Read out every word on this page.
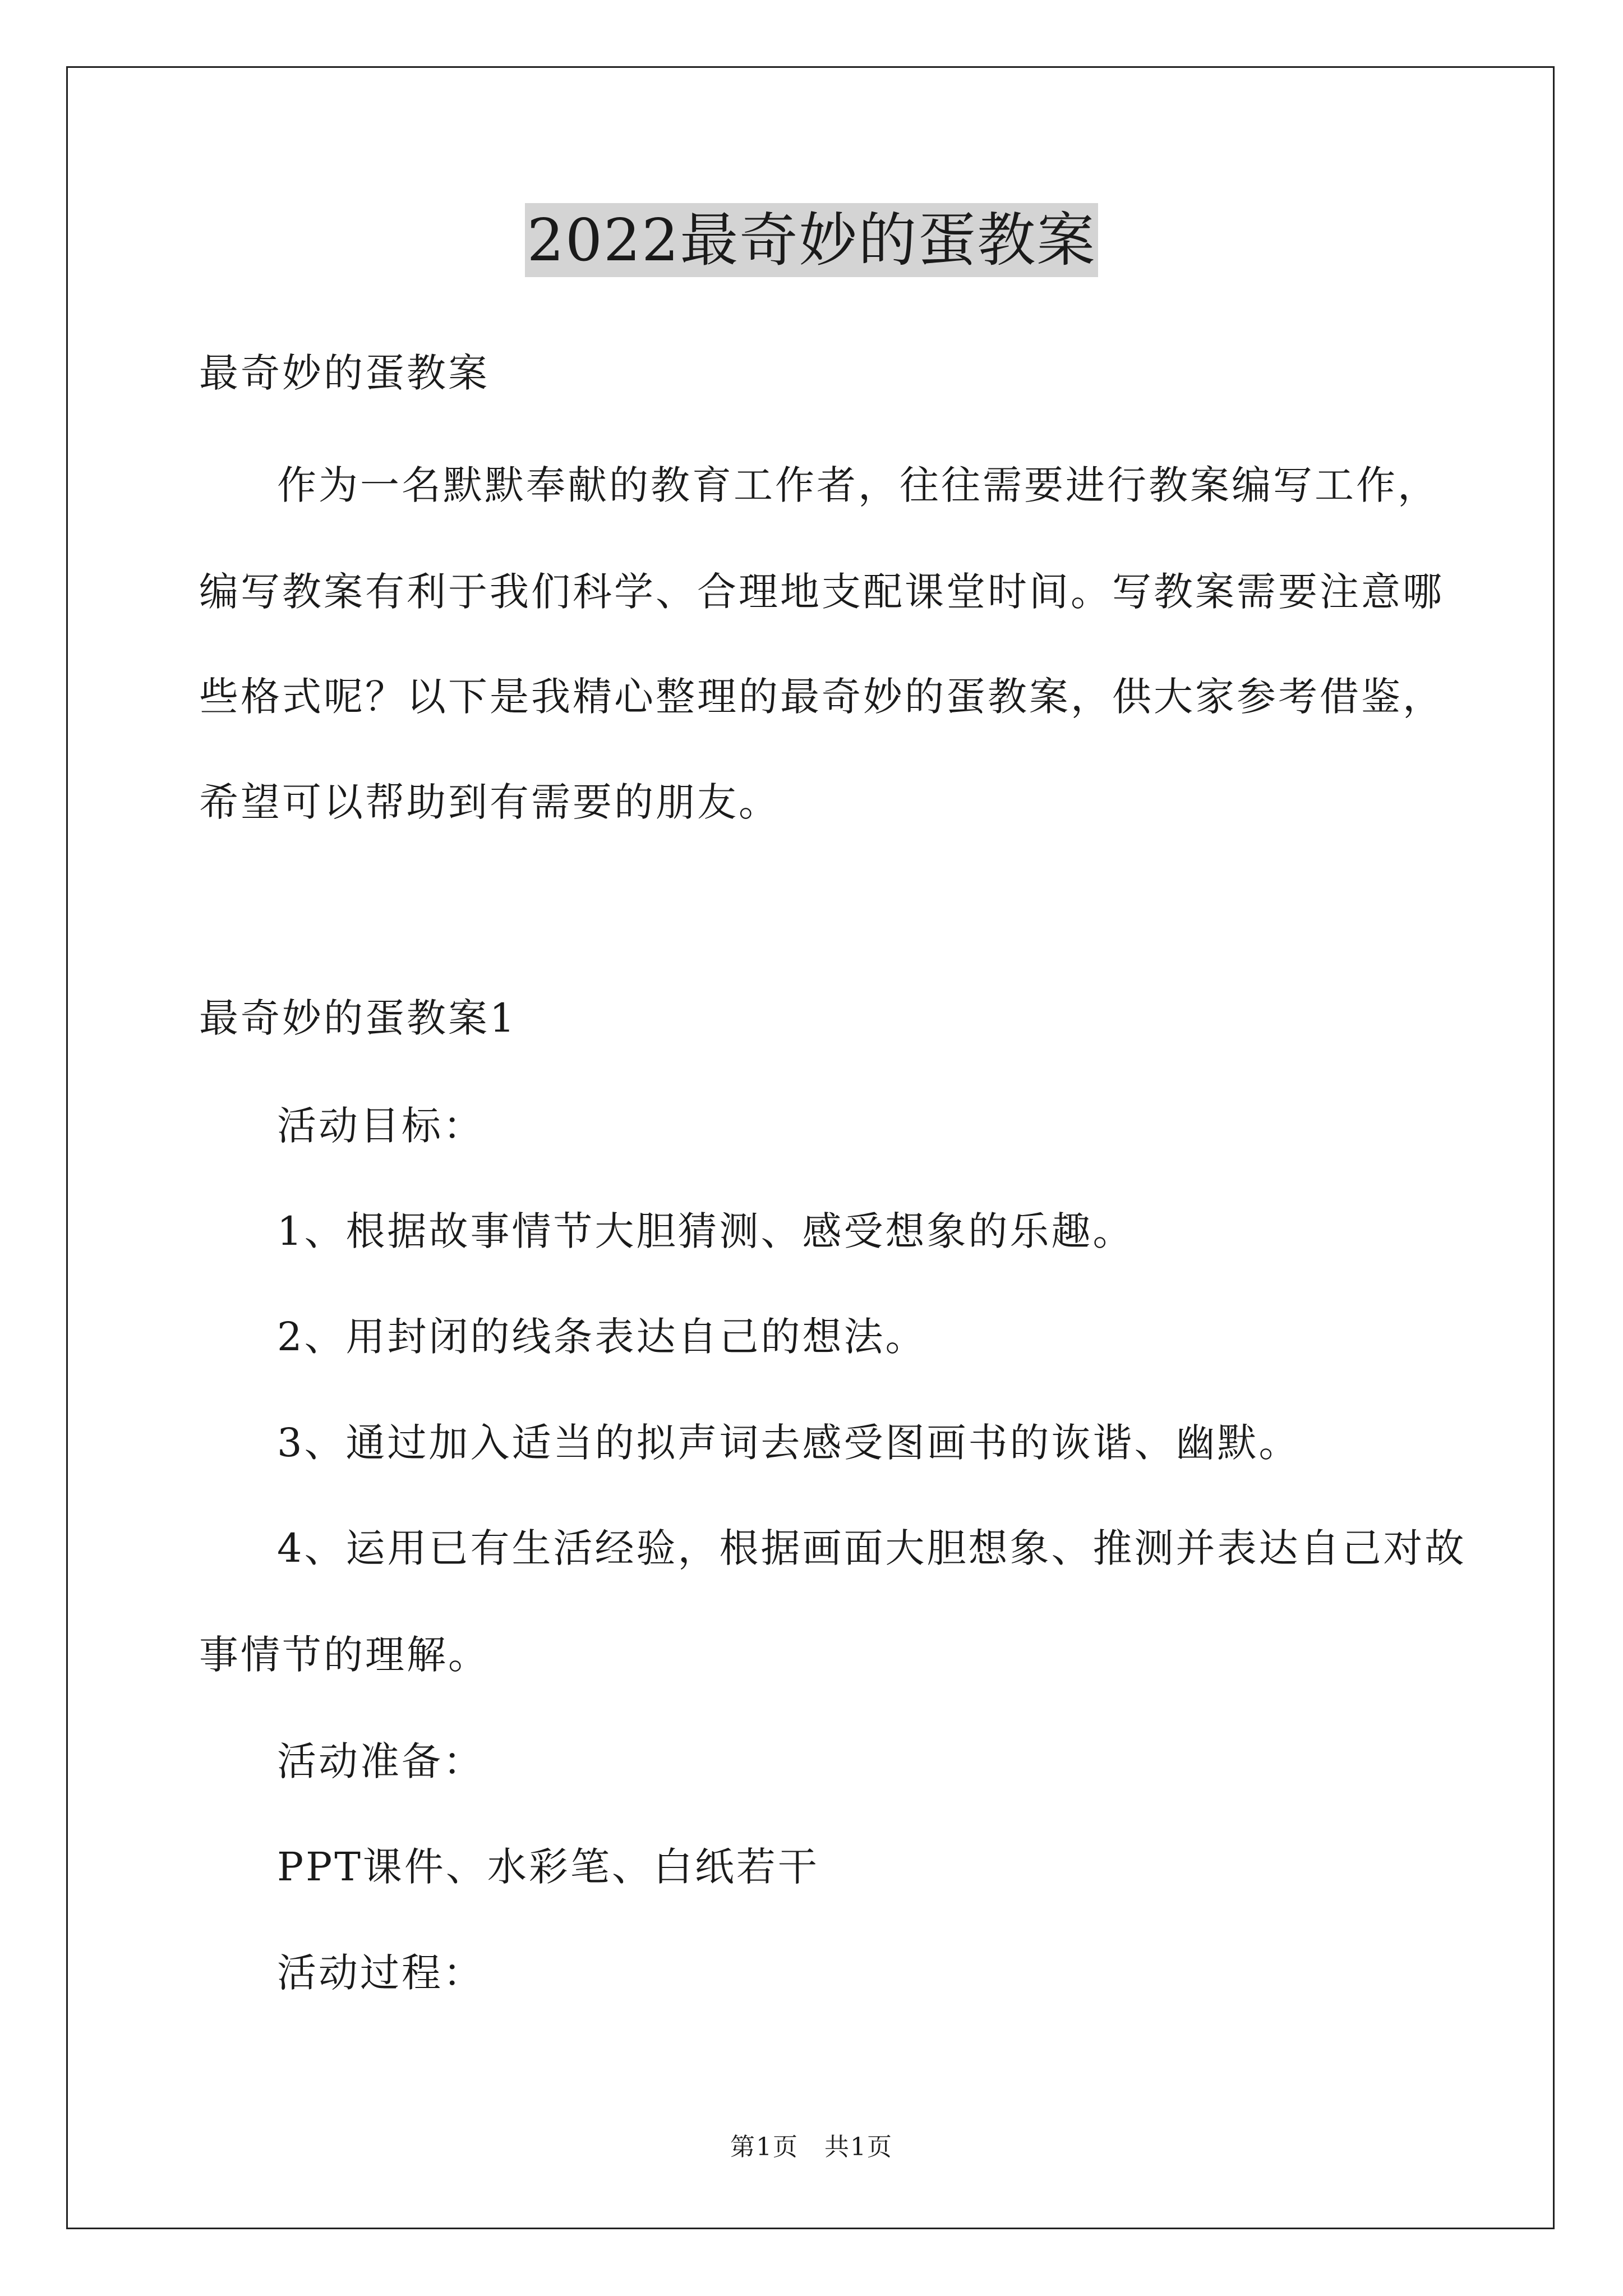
2022最奇妙的蛋教案
最奇妙的蛋教案
作为一名默默奉献的教育工作者，往往需要进行教案编写工作，
编写教案有利于我们科学、合理地支配课堂时间。写教案需要注意哪
些格式呢？以下是我精心整理的最奇妙的蛋教案，供大家参考借鉴，
希望可以帮助到有需要的朋友。
最奇妙的蛋教案1
活动目标：
1、根据故事情节大胆猜测、感受想象的乐趣。
2、用封闭的线条表达自己的想法。
3、通过加入适当的拟声词去感受图画书的诙谐、幽默。
4、运用已有生活经验，根据画面大胆想象、推测并表达自己对故
事情节的理解。
活动准备：
PPT课件、水彩笔、白纸若干
活动过程：
第1页　共1页
